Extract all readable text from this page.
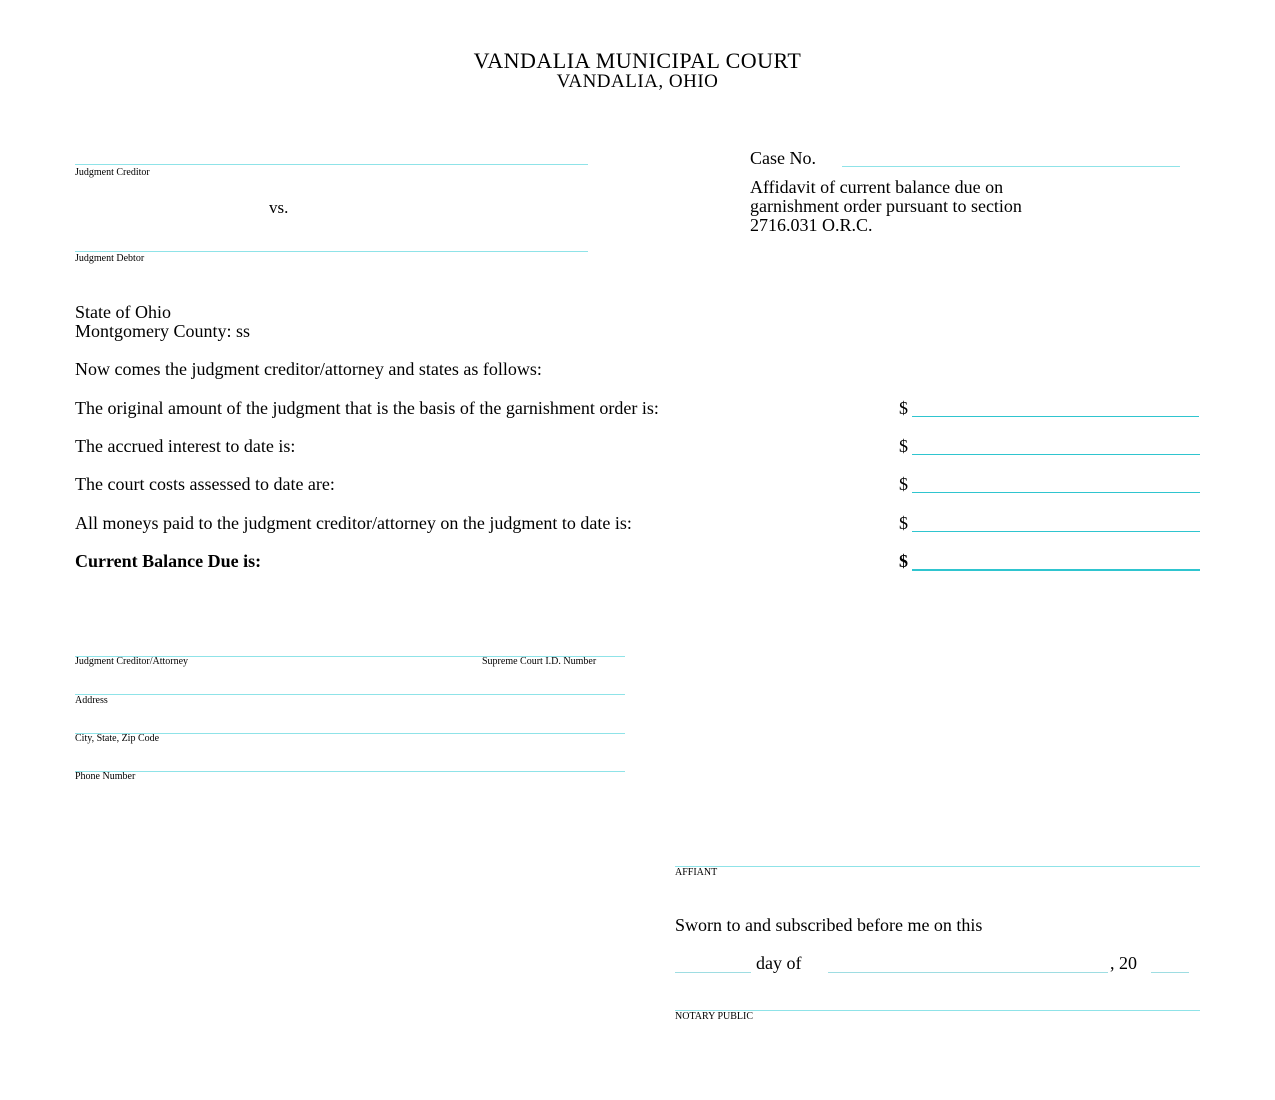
VANDALIA MUNICIPAL COURT
VANDALIA, OHIO
Judgment Creditor
vs.
Judgment Debtor
Case No.
Affidavit of current balance due on
garnishment order pursuant to section
2716.031 O.R.C.
State of Ohio
Montgomery County: ss
Now comes the judgment creditor/attorney and states as follows:
The original amount of the judgment that is the basis of the garnishment order is:	$
The accrued interest to date is:	$
The court costs assessed to date are:	$
All moneys paid to the judgment creditor/attorney on the judgment to date is:	$
Current Balance Due is:	$
Judgment Creditor/Attorney	Supreme Court I.D. Number
Address
City, State, Zip Code
Phone Number
AFFIANT
Sworn to and subscribed before me on this
day of	, 20
NOTARY PUBLIC
